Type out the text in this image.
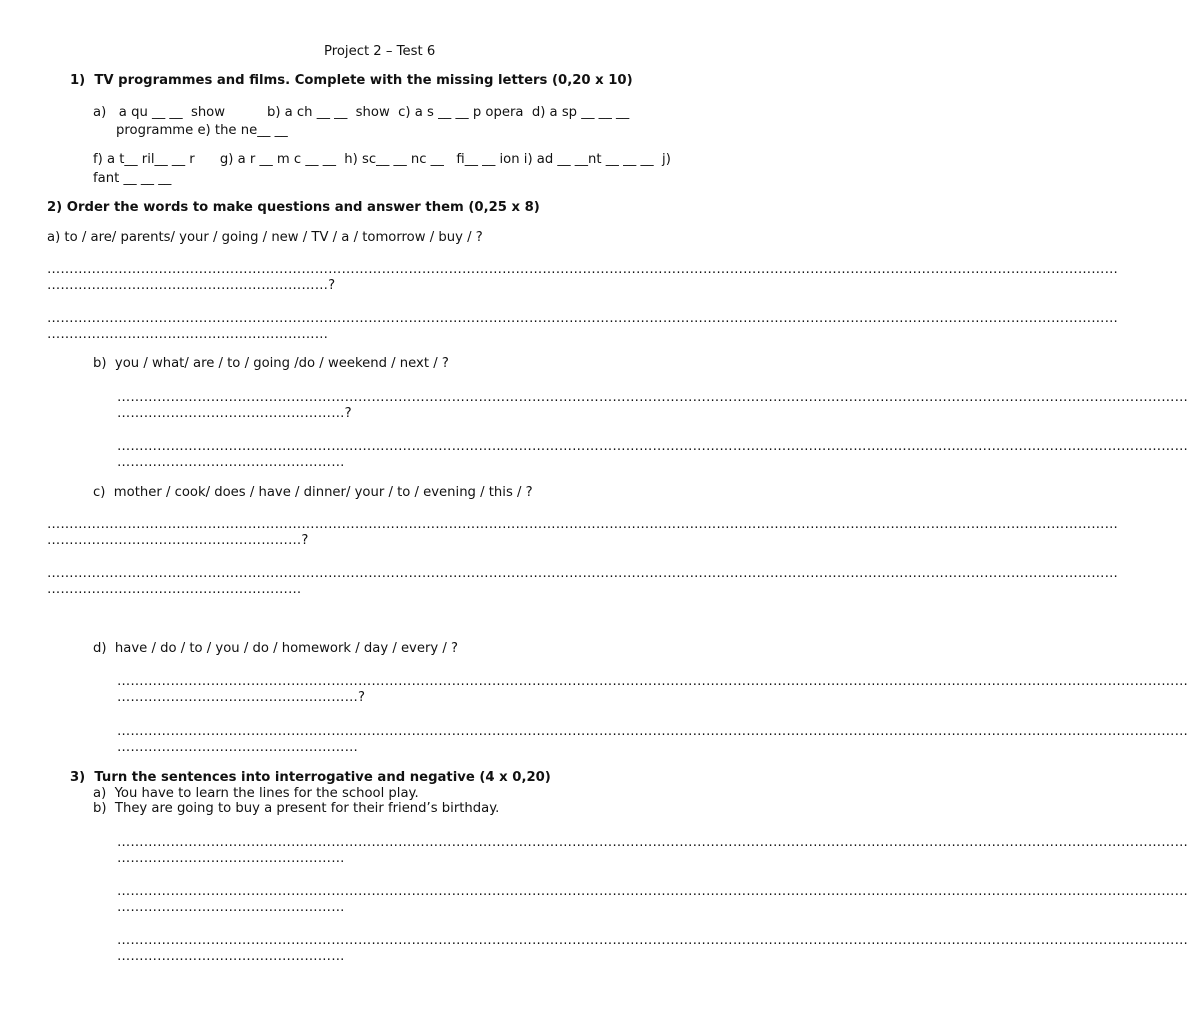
Project 2 – Test 6
1)  TV programmes and films. Complete with the missing letters (0,20 x 10)
a)   a qu __ __  show          b) a ch __ __  show  c) a s __ __ p opera  d) a sp __ __ __
programme e) the ne__ __
f) a t__ ril__ __ r      g) a r __ m c __ __  h) sc__ __ nc __   fi__ __ ion i) ad __ __nt __ __ __  j)
fant __ __ __
2) Order the words to make questions and answer them (0,25 x 8)
a) to / are/ parents/ your / going / new / TV / a / tomorrow / buy / ?
……………………………………………………………………………………………………………………………………………………………………………………………………………………
………………………………………………………?
……………………………………………………………………………………………………………………………………………………………………………………………………………………
………………………………………………………
b)  you / what/ are / to / going /do / weekend / next / ?
……………………………………………………………………………………………………………………………………………………………………………………………………………………
……………………………………………?
……………………………………………………………………………………………………………………………………………………………………………………………………………………
……………………………………………
c)  mother / cook/ does / have / dinner/ your / to / evening / this / ?
……………………………………………………………………………………………………………………………………………………………………………………………………………………
…………………………………………………?
……………………………………………………………………………………………………………………………………………………………………………………………………………………
…………………………………………………
d)  have / do / to / you / do / homework / day / every / ?
……………………………………………………………………………………………………………………………………………………………………………………………………………………
………………………………………………?
……………………………………………………………………………………………………………………………………………………………………………………………………………………
………………………………………………
3)  Turn the sentences into interrogative and negative (4 x 0,20)
a)  You have to learn the lines for the school play.
b)  They are going to buy a present for their friend’s birthday.
……………………………………………………………………………………………………………………………………………………………………………………………………………………
……………………………………………
……………………………………………………………………………………………………………………………………………………………………………………………………………………
……………………………………………
……………………………………………………………………………………………………………………………………………………………………………………………………………………
……………………………………………
